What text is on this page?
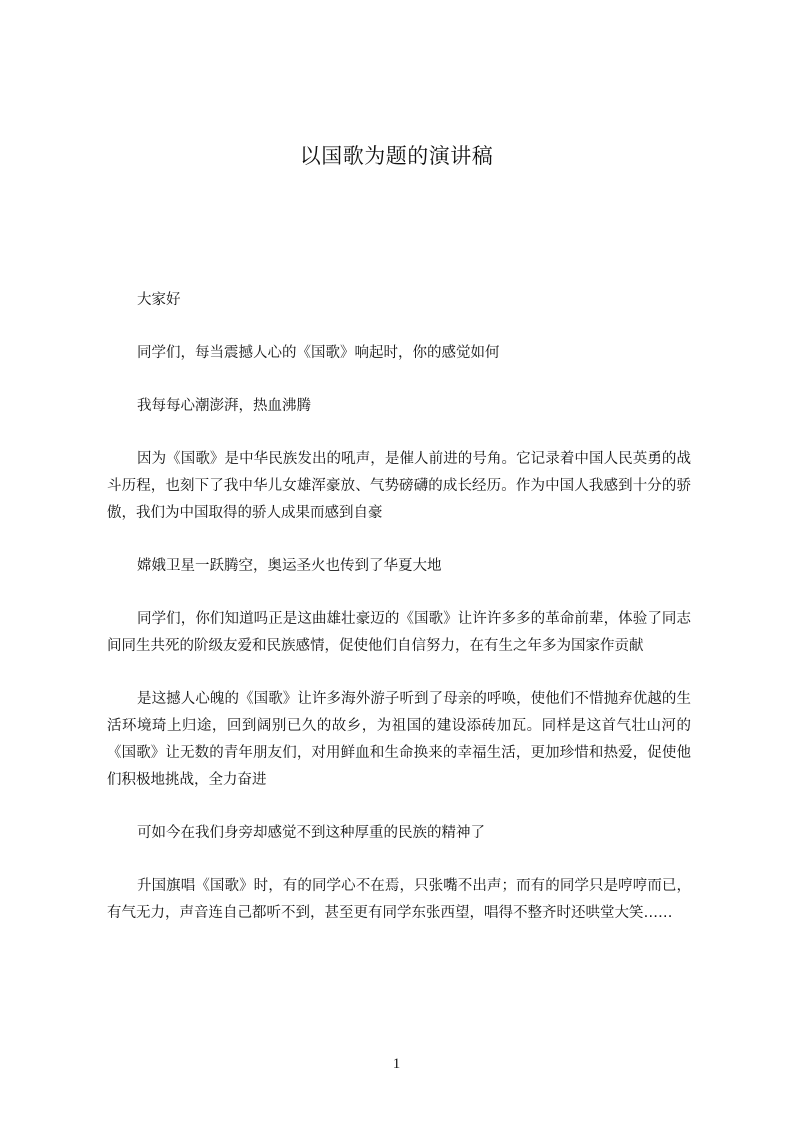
以国歌为题的演讲稿

大家好

同学们，每当震撼人心的《国歌》响起时，你的感觉如何

我每每心潮澎湃，热血沸腾

因为《国歌》是中华民族发出的吼声，是催人前进的号角。它记录着中国人民英勇的战斗历程，也刻下了我中华儿女雄浑豪放、气势磅礴的成长经历。作为中国人我感到十分的骄傲，我们为中国取得的骄人成果而感到自豪

嫦娥卫星一跃腾空，奥运圣火也传到了华夏大地

同学们，你们知道吗正是这曲雄壮豪迈的《国歌》让许许多多的革命前辈，体验了同志间同生共死的阶级友爱和民族感情，促使他们自信努力，在有生之年多为国家作贡献

是这撼人心魄的《国歌》让许多海外游子听到了母亲的呼唤，使他们不惜抛弃优越的生活环境琦上归途，回到阔别已久的故乡，为祖国的建设添砖加瓦。同样是这首气壮山河的《国歌》让无数的青年朋友们，对用鲜血和生命换来的幸福生活，更加珍惜和热爱，促使他们积极地挑战，全力奋进

可如今在我们身旁却感觉不到这种厚重的民族的精神了

升国旗唱《国歌》时，有的同学心不在焉，只张嘴不出声；而有的同学只是哼哼而已，有气无力，声音连自己都听不到，甚至更有同学东张西望，唱得不整齐时还哄堂大笑……

1
